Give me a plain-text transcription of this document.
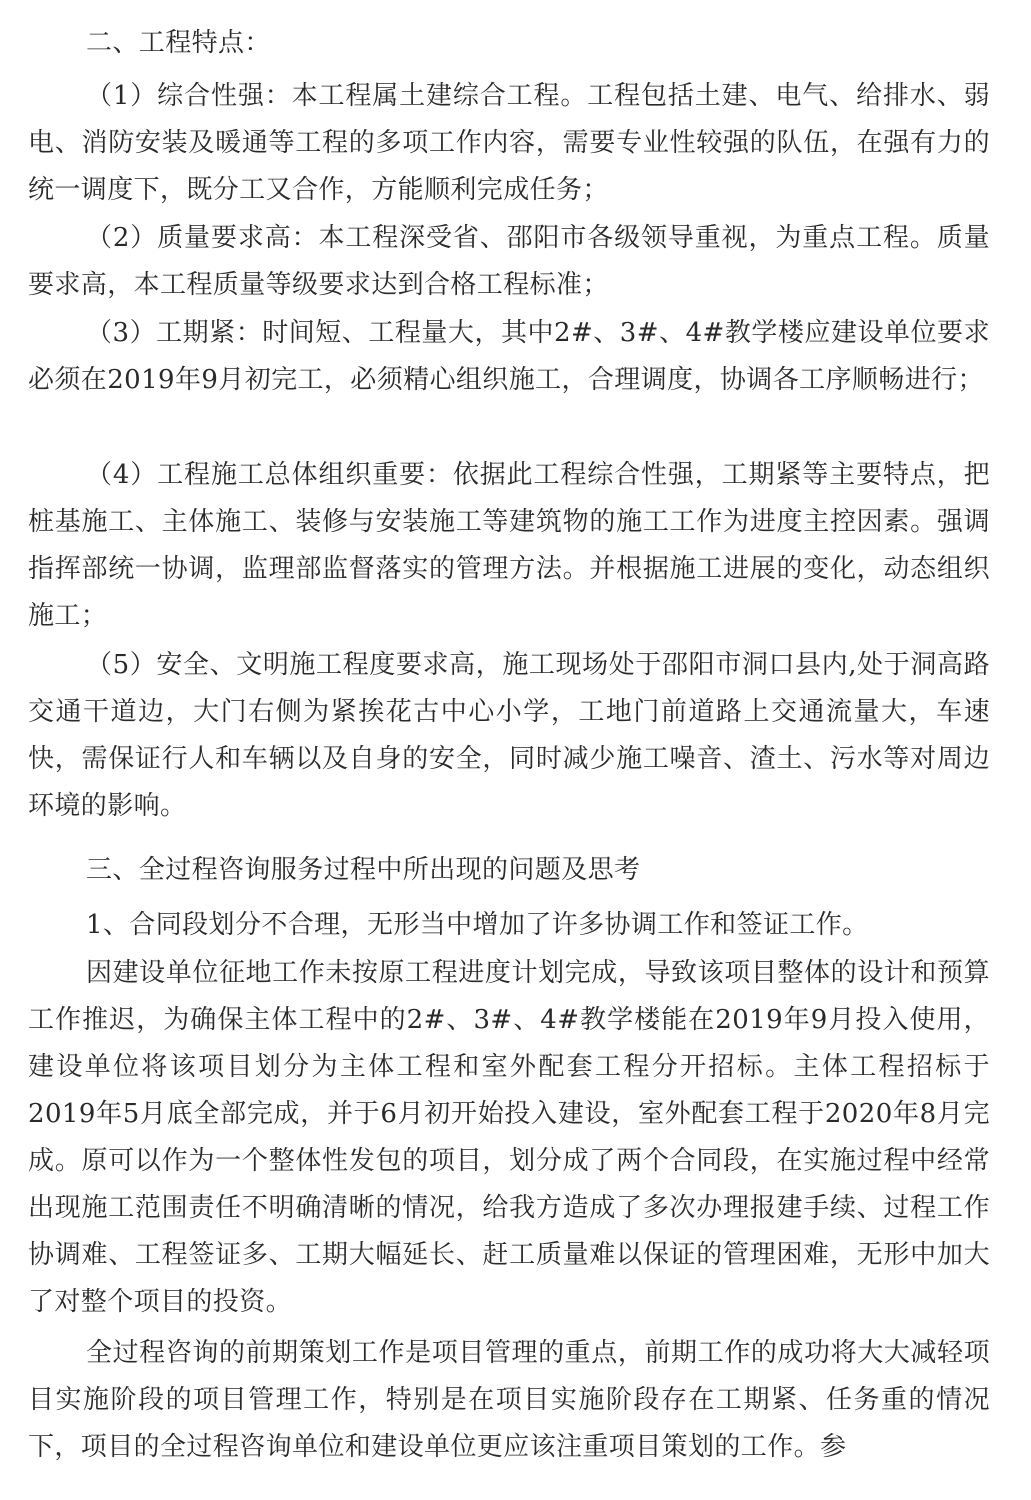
二、工程特点：

（1）综合性强：本工程属土建综合工程。工程包括土建、电气、给排水、弱电、消防安装及暖通等工程的多项工作内容，需要专业性较强的队伍，在强有力的统一调度下，既分工又合作，方能顺利完成任务；

（2）质量要求高：本工程深受省、邵阳市各级领导重视，为重点工程。质量要求高，本工程质量等级要求达到合格工程标准；

（3）工期紧：时间短、工程量大，其中2#、3#、4#教学楼应建设单位要求必须在2019年9月初完工，必须精心组织施工，合理调度，协调各工序顺畅进行；

（4）工程施工总体组织重要：依据此工程综合性强，工期紧等主要特点，把桩基施工、主体施工、装修与安装施工等建筑物的施工工作为进度主控因素。强调指挥部统一协调，监理部监督落实的管理方法。并根据施工进展的变化，动态组织施工；

（5）安全、文明施工程度要求高，施工现场处于邵阳市洞口县内,处于洞高路交通干道边，大门右侧为紧挨花古中心小学，工地门前道路上交通流量大，车速快，需保证行人和车辆以及自身的安全，同时减少施工噪音、渣土、污水等对周边环境的影响。

三、全过程咨询服务过程中所出现的问题及思考

1、合同段划分不合理，无形当中增加了许多协调工作和签证工作。

因建设单位征地工作未按原工程进度计划完成，导致该项目整体的设计和预算工作推迟，为确保主体工程中的2#、3#、4#教学楼能在2019年9月投入使用，建设单位将该项目划分为主体工程和室外配套工程分开招标。主体工程招标于2019年5月底全部完成，并于6月初开始投入建设，室外配套工程于2020年8月完成。原可以作为一个整体性发包的项目，划分成了两个合同段，在实施过程中经常出现施工范围责任不明确清晰的情况，给我方造成了多次办理报建手续、过程工作协调难、工程签证多、工期大幅延长、赶工质量难以保证的管理困难，无形中加大了对整个项目的投资。

全过程咨询的前期策划工作是项目管理的重点，前期工作的成功将大大减轻项目实施阶段的项目管理工作，特别是在项目实施阶段存在工期紧、任务重的情况下，项目的全过程咨询单位和建设单位更应该注重项目策划的工作。参
